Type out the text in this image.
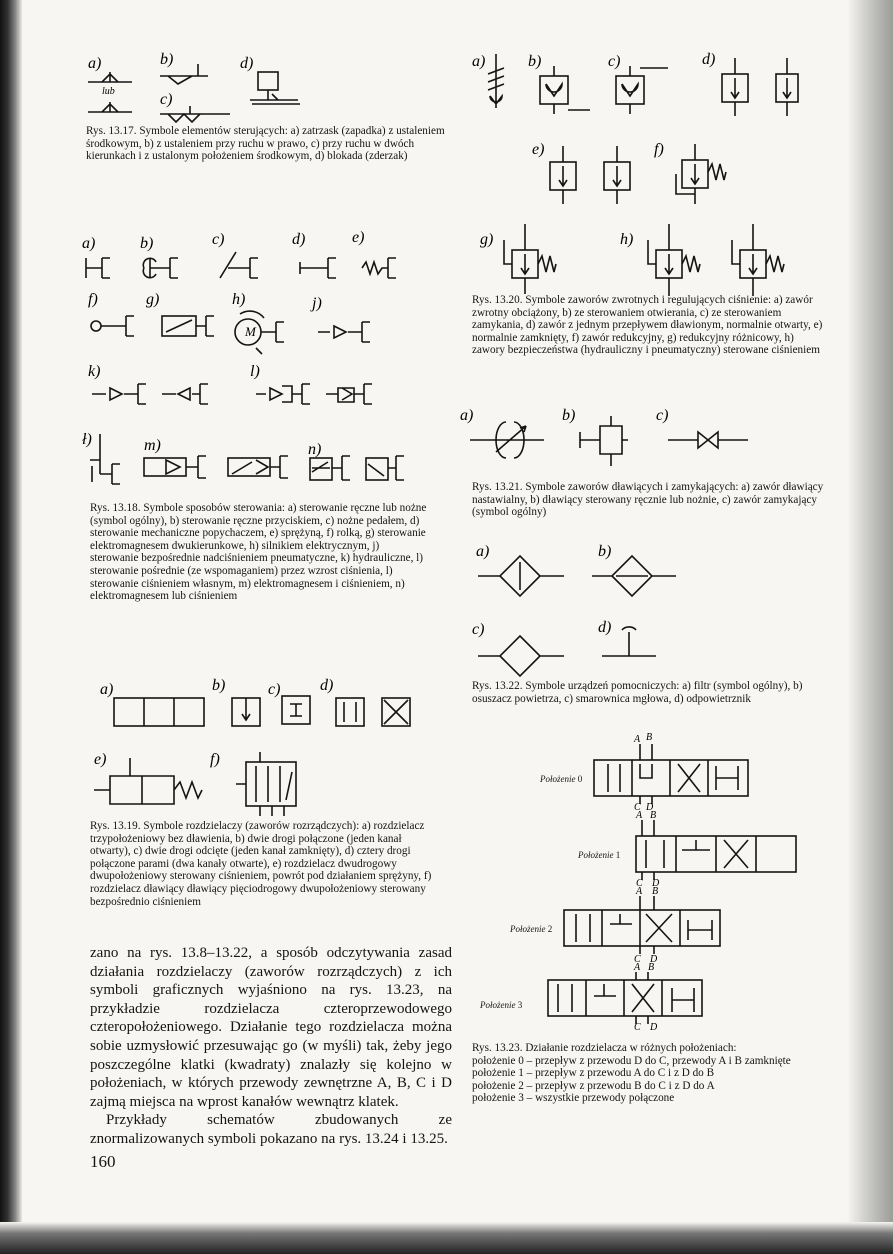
a)	b)
c)
d)
lub

Rys. 13.17. Symbole elementów sterujących: a) zatrzask (zapadka) z ustaleniem środkowym, b) z ustaleniem przy ruchu w prawo, c) przy ruchu w dwóch kierunkach i z ustalonym położeniem środkowym, d) blokada (zderzak)

a)	b)	c)	d)	e)
f)	g)	h)	j)
k)	l)
ł)	m)	n)
M

Rys. 13.18. Symbole sposobów sterowania: a) sterowanie ręczne lub nożne (symbol ogólny), b) sterowanie ręczne przyciskiem, c) nożne pedałem, d) sterowanie mechaniczne popychaczem, e) sprężyną, f) rolką, g) sterowanie elektromagnesem dwukierunkowe, h) silnikiem elektrycznym, j) sterowanie bezpośrednie nadciśnieniem pneumatyczne, k) hydrauliczne, l) sterowanie pośrednie (ze wspomaganiem) przez wzrost ciśnienia, l) sterowanie ciśnieniem własnym, m) elektromagnesem i ciśnieniem, n) elektromagnesem lub ciśnieniem

a)	b)	c) d)
e)	f)

Rys. 13.19. Symbole rozdzielaczy (zaworów rozrządczych): a) rozdzielacz trzypołożeniowy bez dławienia, b) dwie drogi połączone (jeden kanał otwarty), c) dwie drogi odcięte (jeden kanał zamknięty), d) cztery drogi połączone parami (dwa kanały otwarte), e) rozdzielacz dwudrogowy dwupołożeniowy sterowany ciśnieniem, powrót pod działaniem sprężyny, f) rozdzielacz dławiący dławiący pięciodrogowy dwupołożeniowy sterowany bezpośrednio ciśnieniem

zano na rys. 13.8–13.22, a sposób odczytywania zasad działania rozdzielaczy (zaworów rozrządczych) z ich symboli graficznych wyjaśniono na rys. 13.23, na przykładzie rozdzielacza czteroprzewodowego czteropołożeniowego. Działanie tego rozdzielacza można sobie uzmysłowić przesuwając go (w myśli) tak, żeby jego poszczególne klatki (kwadraty) znalazły się kolejno w położeniach, w których przewody zewnętrzne A, B, C i D zajmą miejsca na wprost kanałów wewnątrz klatek.

Przykłady schematów zbudowanych ze znormalizowanych symboli pokazano na rys. 13.24 i 13.25.

160
a)	b)	c)	d)
e)	f)
g)	h)

Rys. 13.20. Symbole zaworów zwrotnych i regulujących ciśnienie: a) zawór zwrotny obciążony, b) ze sterowaniem otwierania, c) ze sterowaniem zamykania, d) zawór z jednym przepływem dławionym, normalnie otwarty, e) normalnie zamknięty, f) zawór redukcyjny, g) redukcyjny różnicowy, h) zawory bezpieczeństwa (hydrauliczny i pneumatyczny) sterowane ciśnieniem

a)	b)	c)

Rys. 13.21. Symbole zaworów dławiących i zamykających: a) zawór dławiący nastawialny, b) dławiący sterowany ręcznie lub nożnie, c) zawór zamykający (symbol ogólny)

a)	b)
c)	d)

Rys. 13.22. Symbole urządzeń pomocniczych: a) filtr (symbol ogólny), b) osuszacz powietrza, c) smarownica mgłowa, d) odpowietrznik

Położenie 0
Położenie 1
Położenie 2
Położenie 3
A B
C D
A B
C D
A B
C D
A B
C D
Rys. 13.23. Działanie rozdzielacza w różnych położeniach:
położenie 0 – przepływ z przewodu D do C, przewody A i B zamknięte
położenie 1 – przepływ z przewodu A do C i z D do B
położenie 2 – przepływ z przewodu B do C i z D do A
położenie 3 – wszystkie przewody połączone
